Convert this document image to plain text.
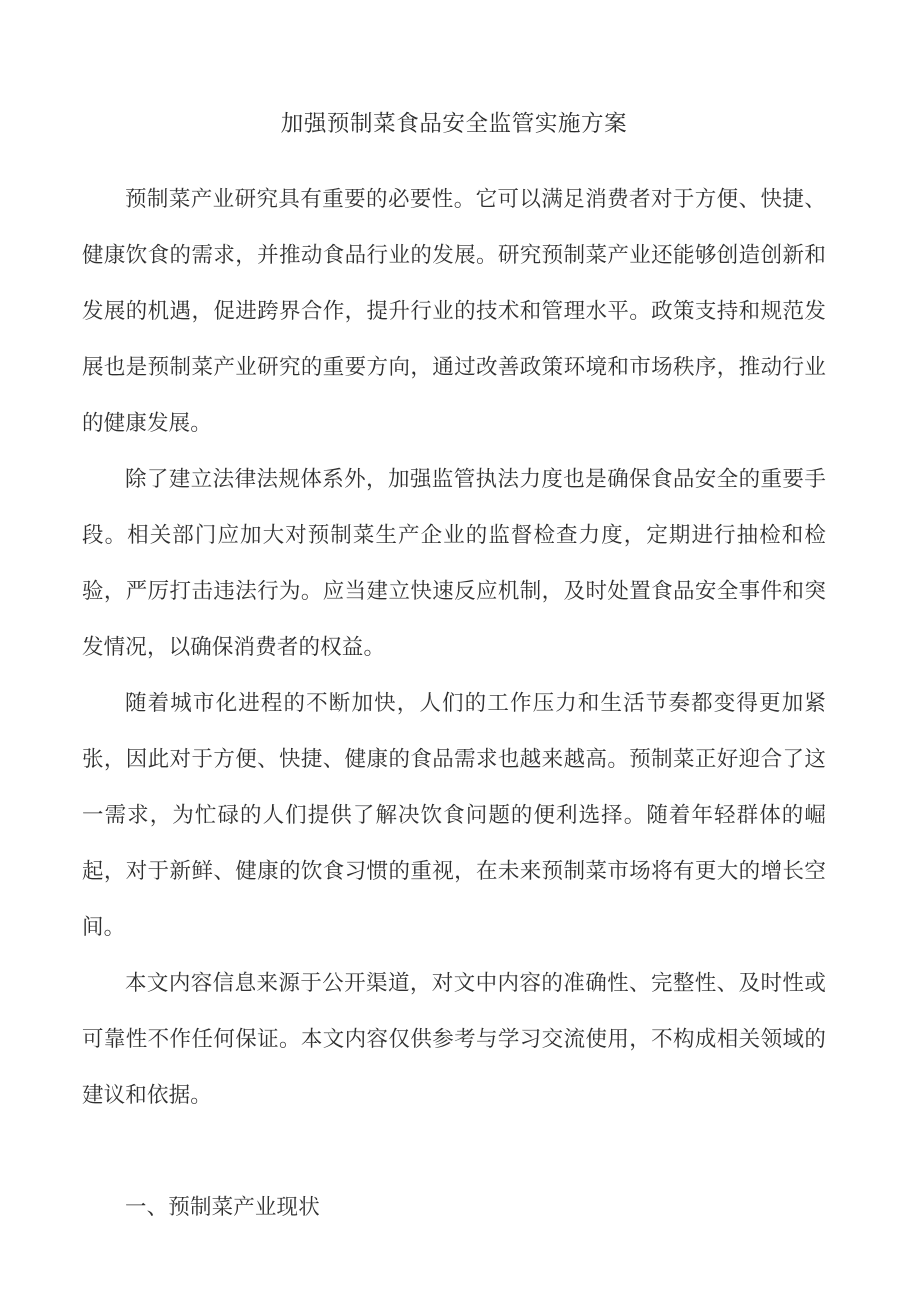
加强预制菜食品安全监管实施方案

预制菜产业研究具有重要的必要性。它可以满足消费者对于方便、快捷、健康饮食的需求，并推动食品行业的发展。研究预制菜产业还能够创造创新和发展的机遇，促进跨界合作，提升行业的技术和管理水平。政策支持和规范发展也是预制菜产业研究的重要方向，通过改善政策环境和市场秩序，推动行业的健康发展。

除了建立法律法规体系外，加强监管执法力度也是确保食品安全的重要手段。相关部门应加大对预制菜生产企业的监督检查力度，定期进行抽检和检验，严厉打击违法行为。应当建立快速反应机制，及时处置食品安全事件和突发情况，以确保消费者的权益。

随着城市化进程的不断加快，人们的工作压力和生活节奏都变得更加紧张，因此对于方便、快捷、健康的食品需求也越来越高。预制菜正好迎合了这一需求，为忙碌的人们提供了解决饮食问题的便利选择。随着年轻群体的崛起，对于新鲜、健康的饮食习惯的重视，在未来预制菜市场将有更大的增长空间。

本文内容信息来源于公开渠道，对文中内容的准确性、完整性、及时性或可靠性不作任何保证。本文内容仅供参考与学习交流使用，不构成相关领域的建议和依据。

一、预制菜产业现状
